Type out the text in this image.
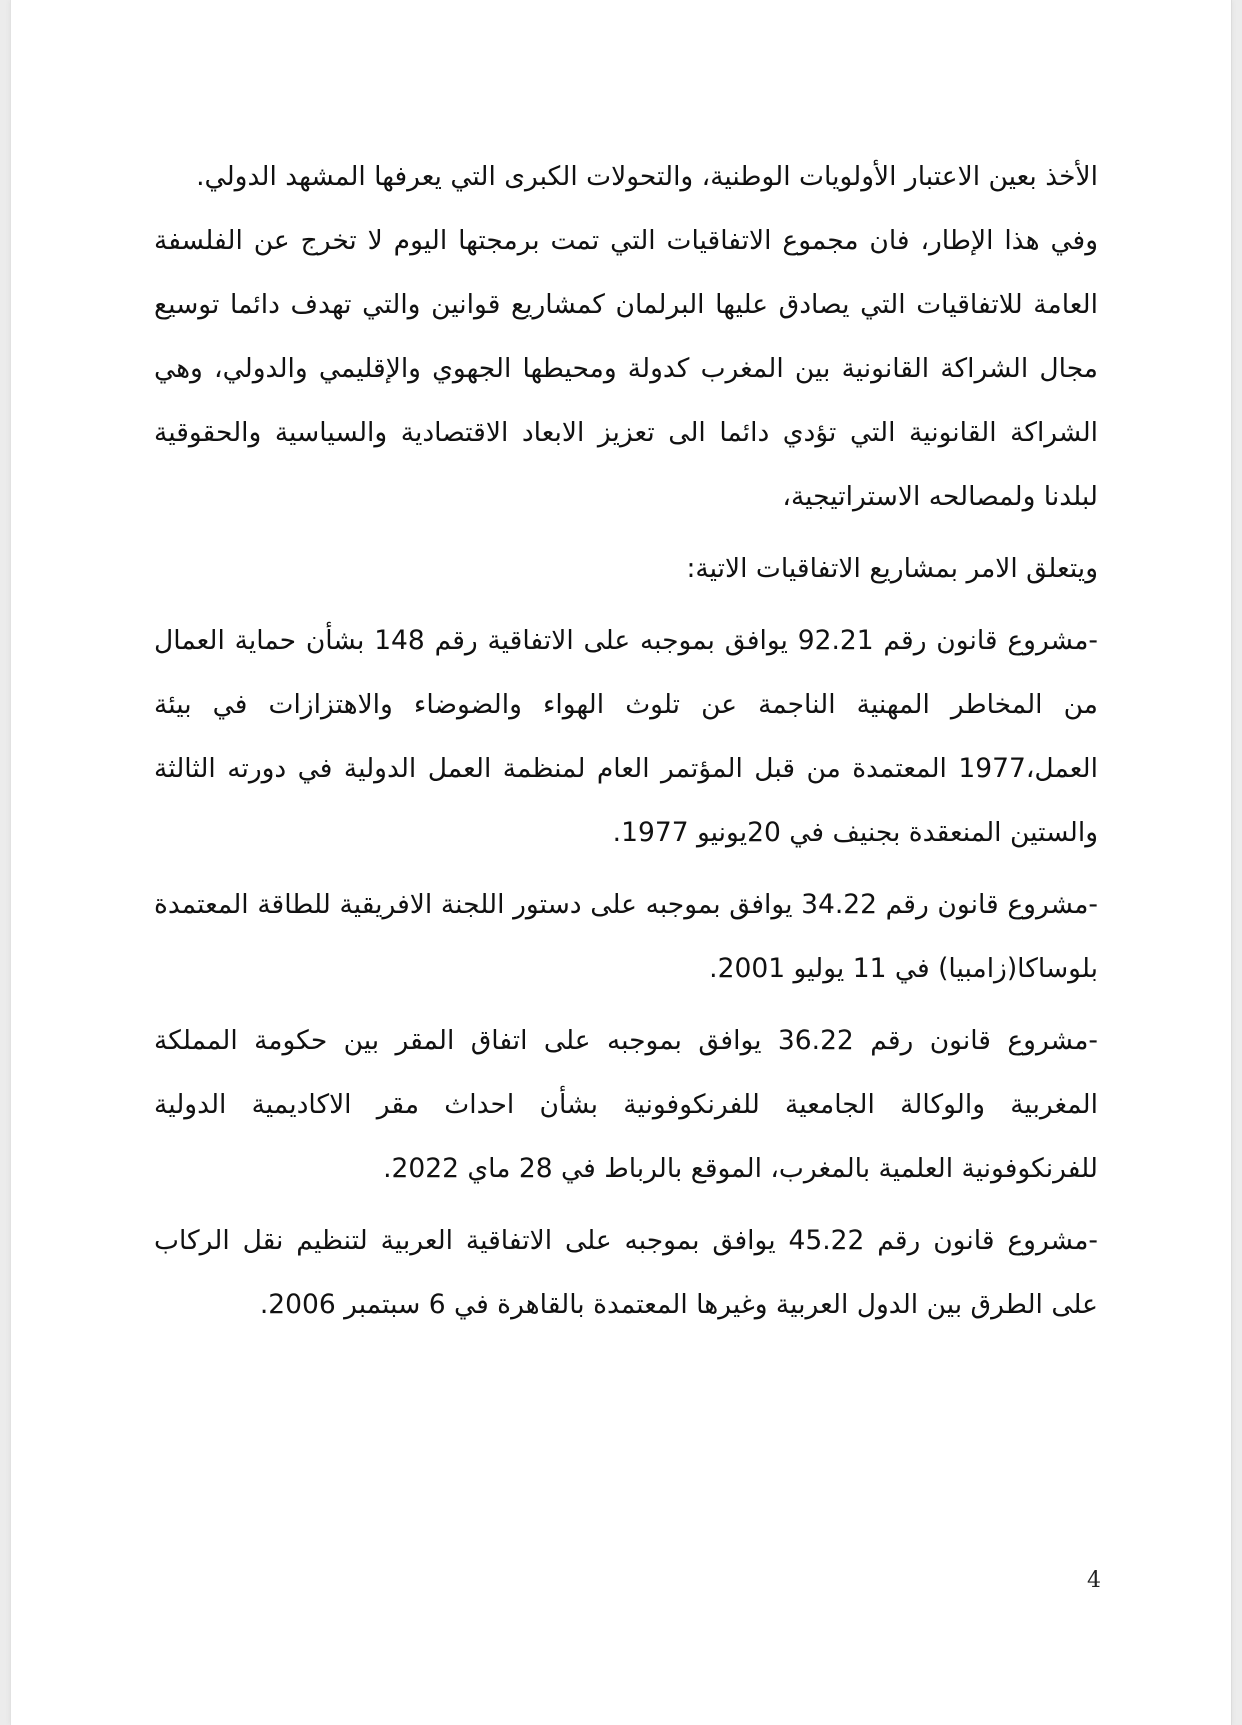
الأخذ بعين الاعتبار الأولويات الوطنية، والتحولات الكبرى التي يعرفها المشهد الدولي.

وفي هذا الإطار، فان مجموع الاتفاقيات التي تمت برمجتها اليوم لا تخرج عن الفلسفة العامة للاتفاقيات التي يصادق عليها البرلمان كمشاريع قوانين والتي تهدف دائما توسيع مجال الشراكة القانونية بين المغرب كدولة ومحيطها الجهوي والإقليمي والدولي، وهي الشراكة القانونية التي تؤدي دائما الى تعزيز الابعاد الاقتصادية والسياسية والحقوقية لبلدنا ولمصالحه الاستراتيجية،

ويتعلق الامر بمشاريع الاتفاقيات الاتية:

-مشروع قانون رقم 92.21 يوافق بموجبه على الاتفاقية رقم 148 بشأن حماية العمال من المخاطر المهنية الناجمة عن تلوث الهواء والضوضاء والاهتزازات في بيئة العمل،1977 المعتمدة من قبل المؤتمر العام لمنظمة العمل الدولية في دورته الثالثة والستين المنعقدة بجنيف في 20يونيو 1977.

-مشروع قانون رقم 34.22 يوافق بموجبه على دستور اللجنة الافريقية للطاقة المعتمدة بلوساكا(زامبيا) في 11 يوليو 2001.

-مشروع قانون رقم 36.22 يوافق بموجبه على اتفاق المقر بين حكومة المملكة المغربية والوكالة الجامعية للفرنكوفونية بشأن احداث مقر الاكاديمية الدولية للفرنكوفونية العلمية بالمغرب، الموقع بالرباط في 28 ماي 2022.

-مشروع قانون رقم 45.22 يوافق بموجبه على الاتفاقية العربية لتنظيم نقل الركاب على الطرق بين الدول العربية وغيرها المعتمدة بالقاهرة في 6 سبتمبر 2006.

4
